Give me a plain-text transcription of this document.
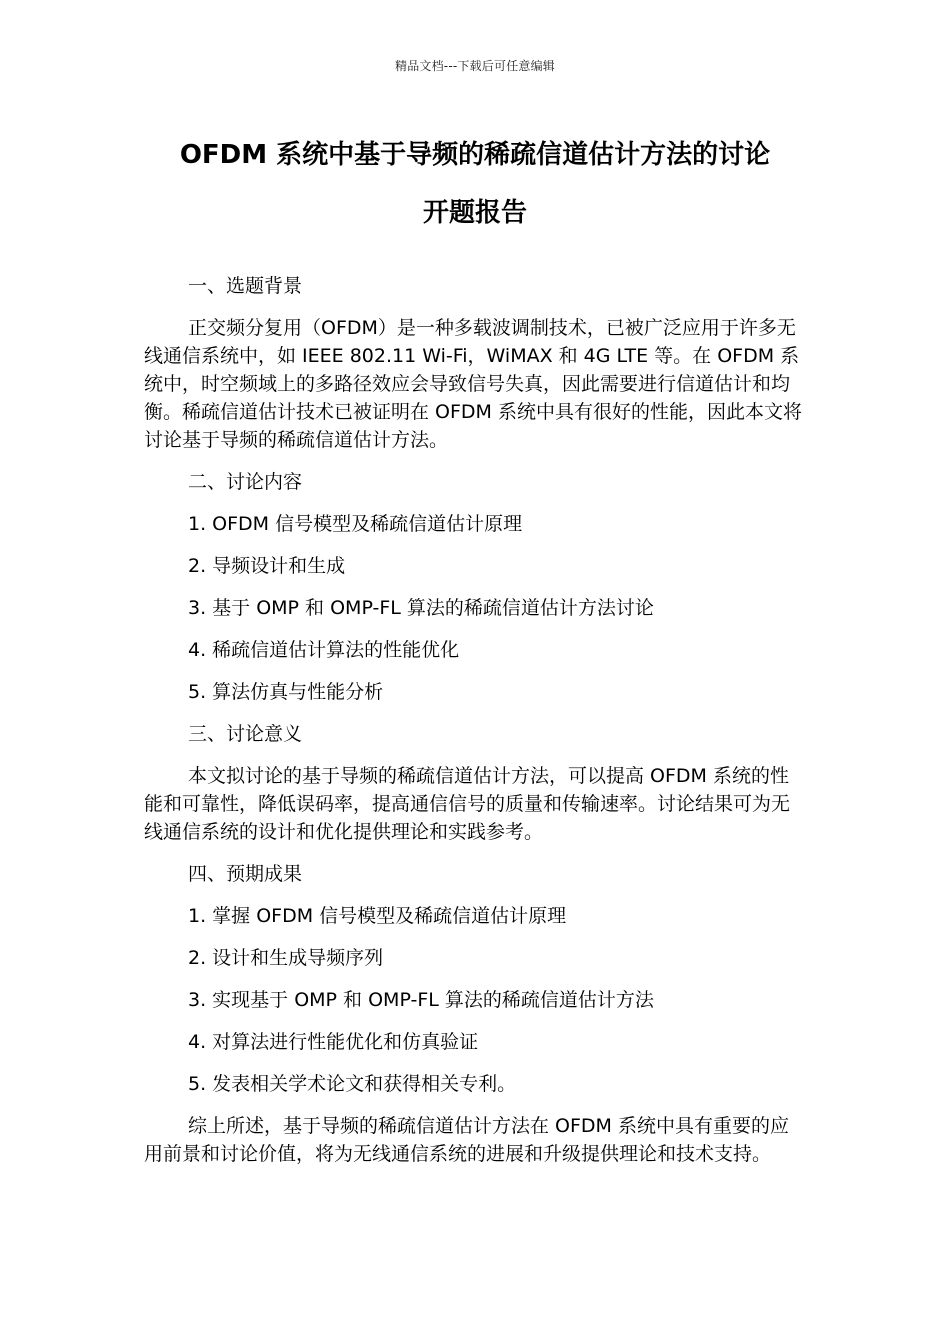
精品文档---下载后可任意编辑
OFDM 系统中基于导频的稀疏信道估计方法的讨论
开题报告
一、选题背景
正交频分复用（OFDM）是一种多载波调制技术，已被广泛应用于许多无线通信系统中，如 IEEE 802.11 Wi-Fi，WiMAX 和 4G LTE 等。在 OFDM 系统中，时空频域上的多路径效应会导致信号失真，因此需要进行信道估计和均衡。稀疏信道估计技术已被证明在 OFDM 系统中具有很好的性能，因此本文将讨论基于导频的稀疏信道估计方法。
二、讨论内容
1. OFDM 信号模型及稀疏信道估计原理
2. 导频设计和生成
3. 基于 OMP 和 OMP-FL 算法的稀疏信道估计方法讨论
4. 稀疏信道估计算法的性能优化
5. 算法仿真与性能分析
三、讨论意义
本文拟讨论的基于导频的稀疏信道估计方法，可以提高 OFDM 系统的性能和可靠性，降低误码率，提高通信信号的质量和传输速率。讨论结果可为无线通信系统的设计和优化提供理论和实践参考。
四、预期成果
1. 掌握 OFDM 信号模型及稀疏信道估计原理
2. 设计和生成导频序列
3. 实现基于 OMP 和 OMP-FL 算法的稀疏信道估计方法
4. 对算法进行性能优化和仿真验证
5. 发表相关学术论文和获得相关专利。
综上所述，基于导频的稀疏信道估计方法在 OFDM 系统中具有重要的应用前景和讨论价值，将为无线通信系统的进展和升级提供理论和技术支持。
